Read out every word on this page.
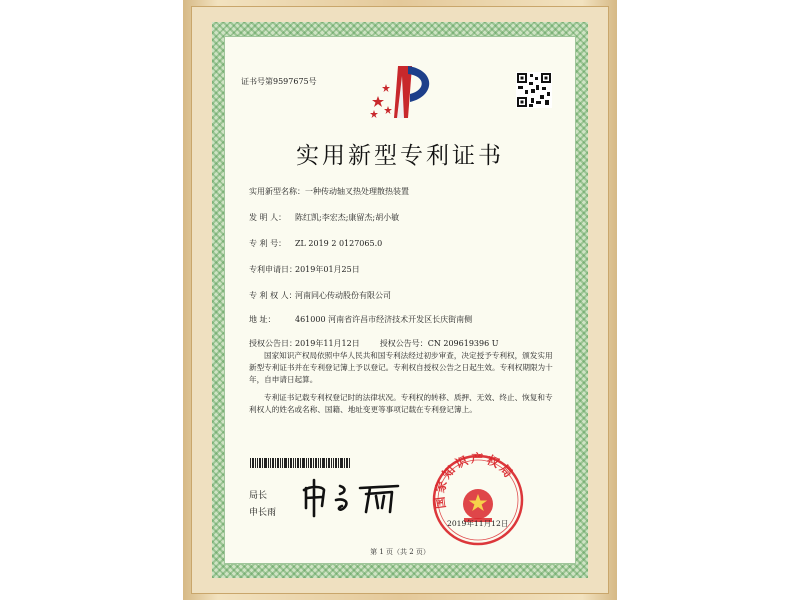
证书号第9597675号
实用新型专利证书
实用新型名称：一种传动轴叉热处理散热装置
发 明 人： 陈红凯;李宏杰;康留杰;胡小敏
专 利 号： ZL 2019 2 0127065.0
专利申请日：2019年01月25日
专 利 权 人：河南同心传动股份有限公司
地 址： 461000 河南省许昌市经济技术开发区长庆街南侧
授权公告日：2019年11月12日	授权公告号：CN 209619396 U
国家知识产权局依照中华人民共和国专利法经过初步审查，决定授予专利权，颁发实用新型专利证书并在专利登记簿上予以登记。专利权自授权公告之日起生效。专利权期限为十年，自申请日起算。
专利证书记载专利权登记时的法律状况。专利权的转移、质押、无效、终止、恢复和专利权人的姓名或名称、国籍、地址变更等事项记载在专利登记簿上。
局长
申长雨
国家知识产权局
2019年11月12日
第 1 页（共 2 页）
